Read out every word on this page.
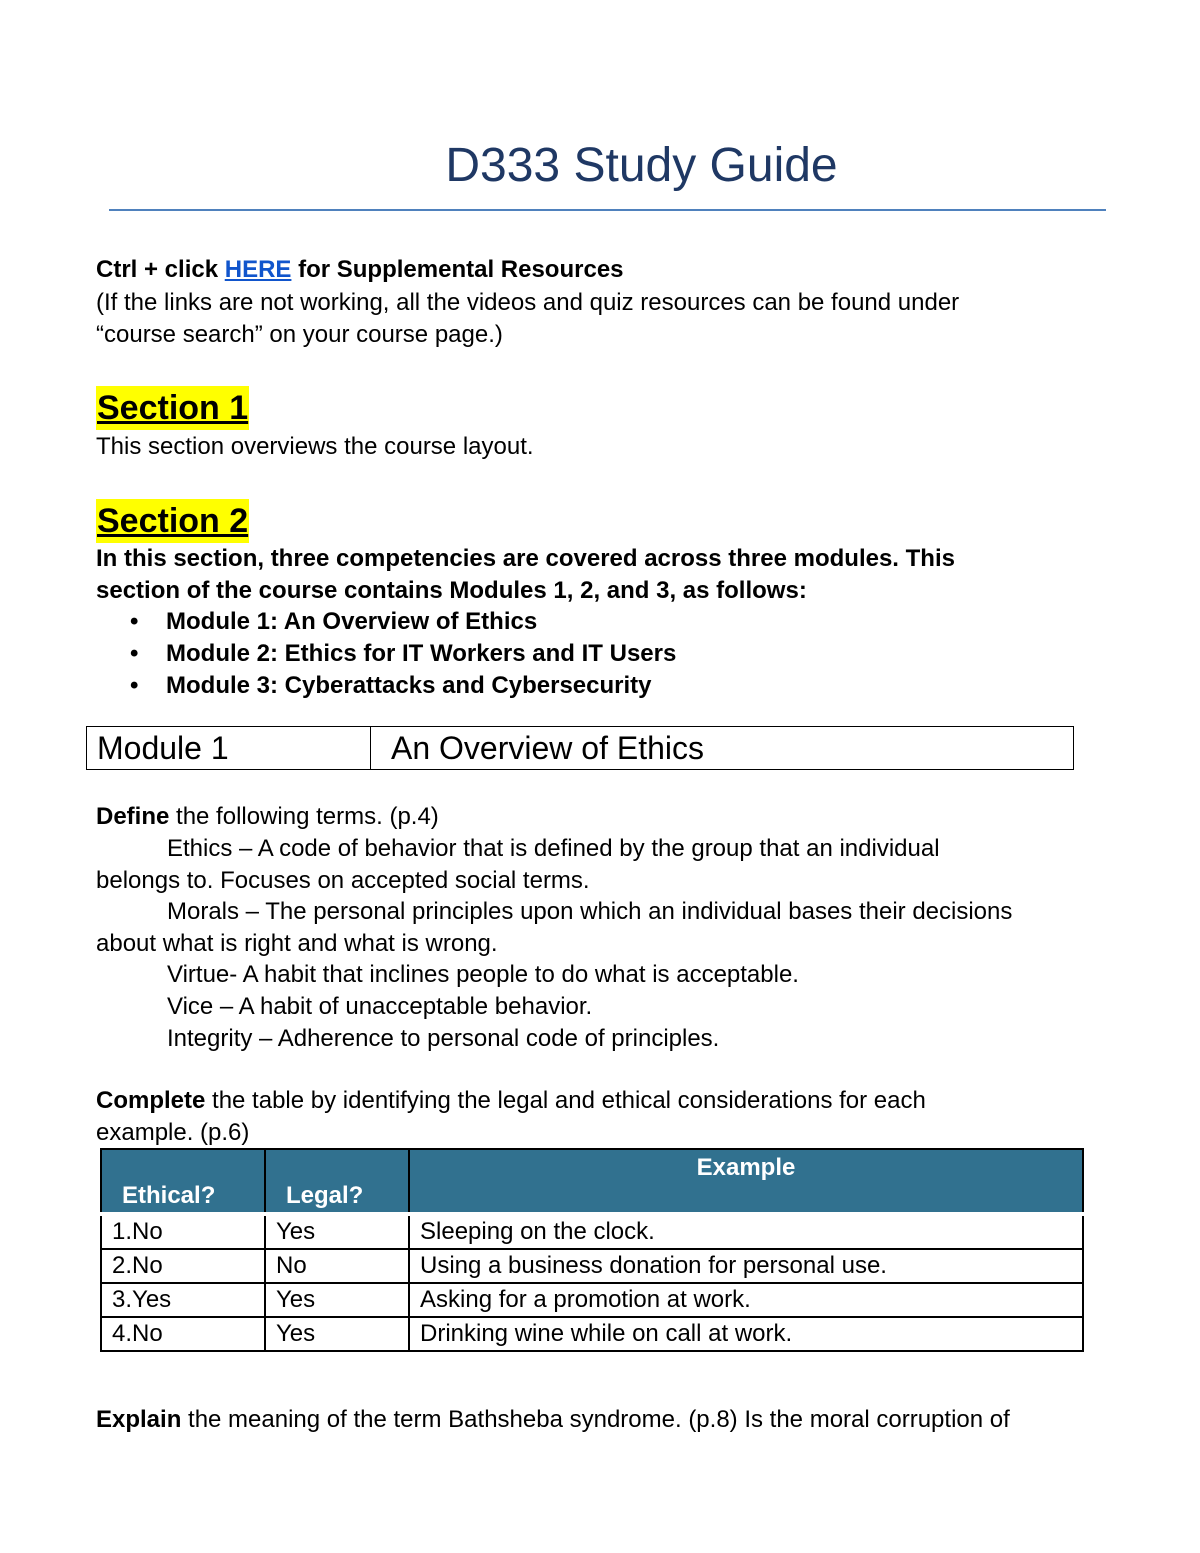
D333 Study Guide
Ctrl + click HERE for Supplemental Resources
(If the links are not working, all the videos and quiz resources can be found under
“course search” on your course page.)
Section 1
This section overviews the course layout.
Section 2
In this section, three competencies are covered across three modules. This
section of the course contains Modules 1, 2, and 3, as follows:
• Module 1: An Overview of Ethics
• Module 2: Ethics for IT Workers and IT Users
• Module 3: Cyberattacks and Cybersecurity
Module 1	An Overview of Ethics
Define the following terms. (p.4)
Ethics – A code of behavior that is defined by the group that an individual
belongs to. Focuses on accepted social terms.
Morals – The personal principles upon which an individual bases their decisions
about what is right and what is wrong.
Virtue- A habit that inclines people to do what is acceptable.
Vice – A habit of unacceptable behavior.
Integrity – Adherence to personal code of principles.
Complete the table by identifying the legal and ethical considerations for each
example. (p.6)
Ethical?	Legal?	Example
1.No	Yes	Sleeping on the clock.
2.No	No	Using a business donation for personal use.
3.Yes	Yes	Asking for a promotion at work.
4.No	Yes	Drinking wine while on call at work.
Explain the meaning of the term Bathsheba syndrome. (p.8) Is the moral corruption of
